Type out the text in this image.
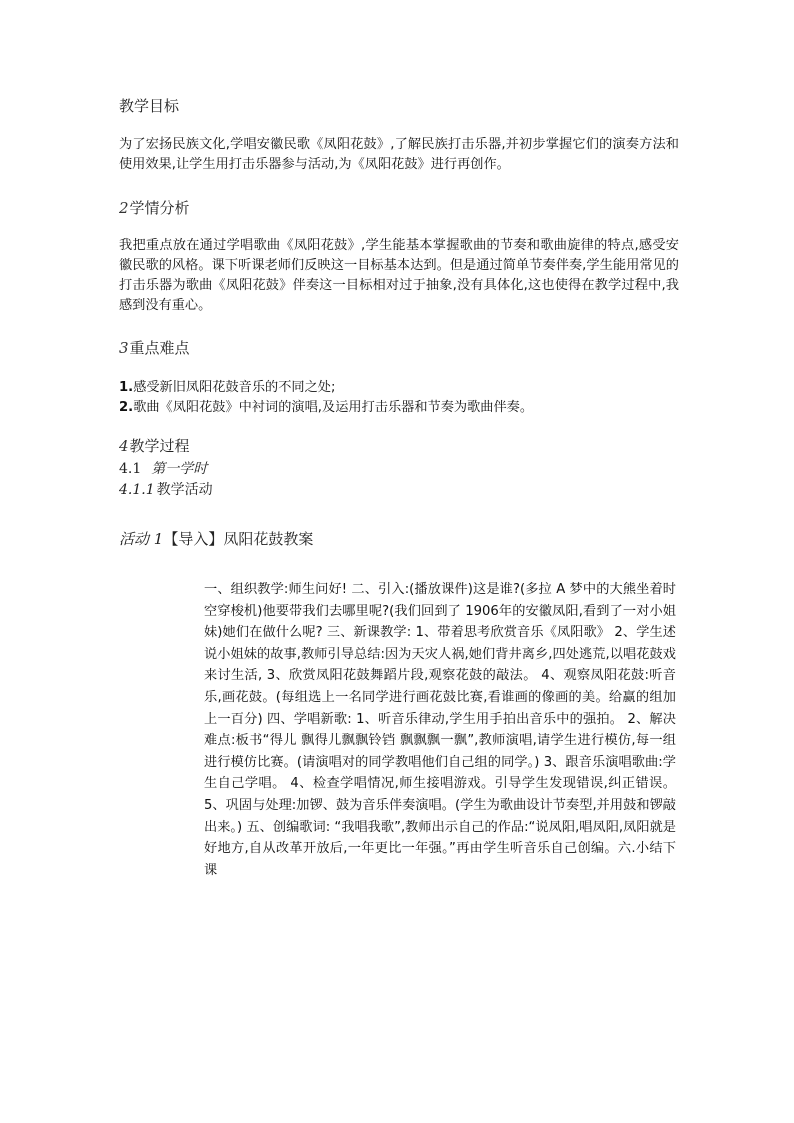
教学目标

为了宏扬民族文化,学唱安徽民歌《凤阳花鼓》,了解民族打击乐器,并初步掌握它们的演奏方法和使用效果,让学生用打击乐器参与活动,为《凤阳花鼓》进行再创作。

2学情分析

我把重点放在通过学唱歌曲《凤阳花鼓》,学生能基本掌握歌曲的节奏和歌曲旋律的特点,感受安徽民歌的风格。课下听课老师们反映这一目标基本达到。但是通过简单节奏伴奏,学生能用常见的打击乐器为歌曲《凤阳花鼓》伴奏这一目标相对过于抽象,没有具体化,这也使得在教学过程中,我感到没有重心。

3重点难点
1.感受新旧凤阳花鼓音乐的不同之处;
2.歌曲《凤阳花鼓》中衬词的演唱,及运用打击乐器和节奏为歌曲伴奏。
4教学过程
4.1 第一学时
4.1.1 教学活动
活动 1【导入】凤阳花鼓教案

一、组织教学:师生问好! 二、引入:(播放课件)这是谁?(多拉 A 梦中的大熊坐着时空穿梭机)他要带我们去哪里呢?(我们回到了 1906年的安徽凤阳,看到了一对小姐妹)她们在做什么呢? 三、新课教学: 1、带着思考欣赏音乐《凤阳歌》 2、学生述说小姐妹的故事,教师引导总结:因为天灾人祸,她们背井离乡,四处逃荒,以唱花鼓戏来讨生活, 3、欣赏凤阳花鼓舞蹈片段,观察花鼓的敲法。 4、观察凤阳花鼓:听音乐,画花鼓。(每组选上一名同学进行画花鼓比赛,看谁画的像画的美。给赢的组加上一百分) 四、学唱新歌: 1、听音乐律动,学生用手拍出音乐中的强拍。 2、解决难点:板书“得儿 飘得儿飘飘铃铛 飘飘飘一飘”,教师演唱,请学生进行模仿,每一组进行模仿比赛。(请演唱对的同学教唱他们自己组的同学。) 3、跟音乐演唱歌曲:学生自己学唱。 4、检查学唱情况,师生接唱游戏。引导学生发现错误,纠正错误。 5、巩固与处理:加锣、鼓为音乐伴奏演唱。(学生为歌曲设计节奏型,并用鼓和锣敲出来。) 五、创编歌词: “我唱我歌”,教师出示自己的作品:“说凤阳,唱凤阳,凤阳就是好地方,自从改革开放后,一年更比一年强。”再由学生听音乐自己创编。六.小结下课
